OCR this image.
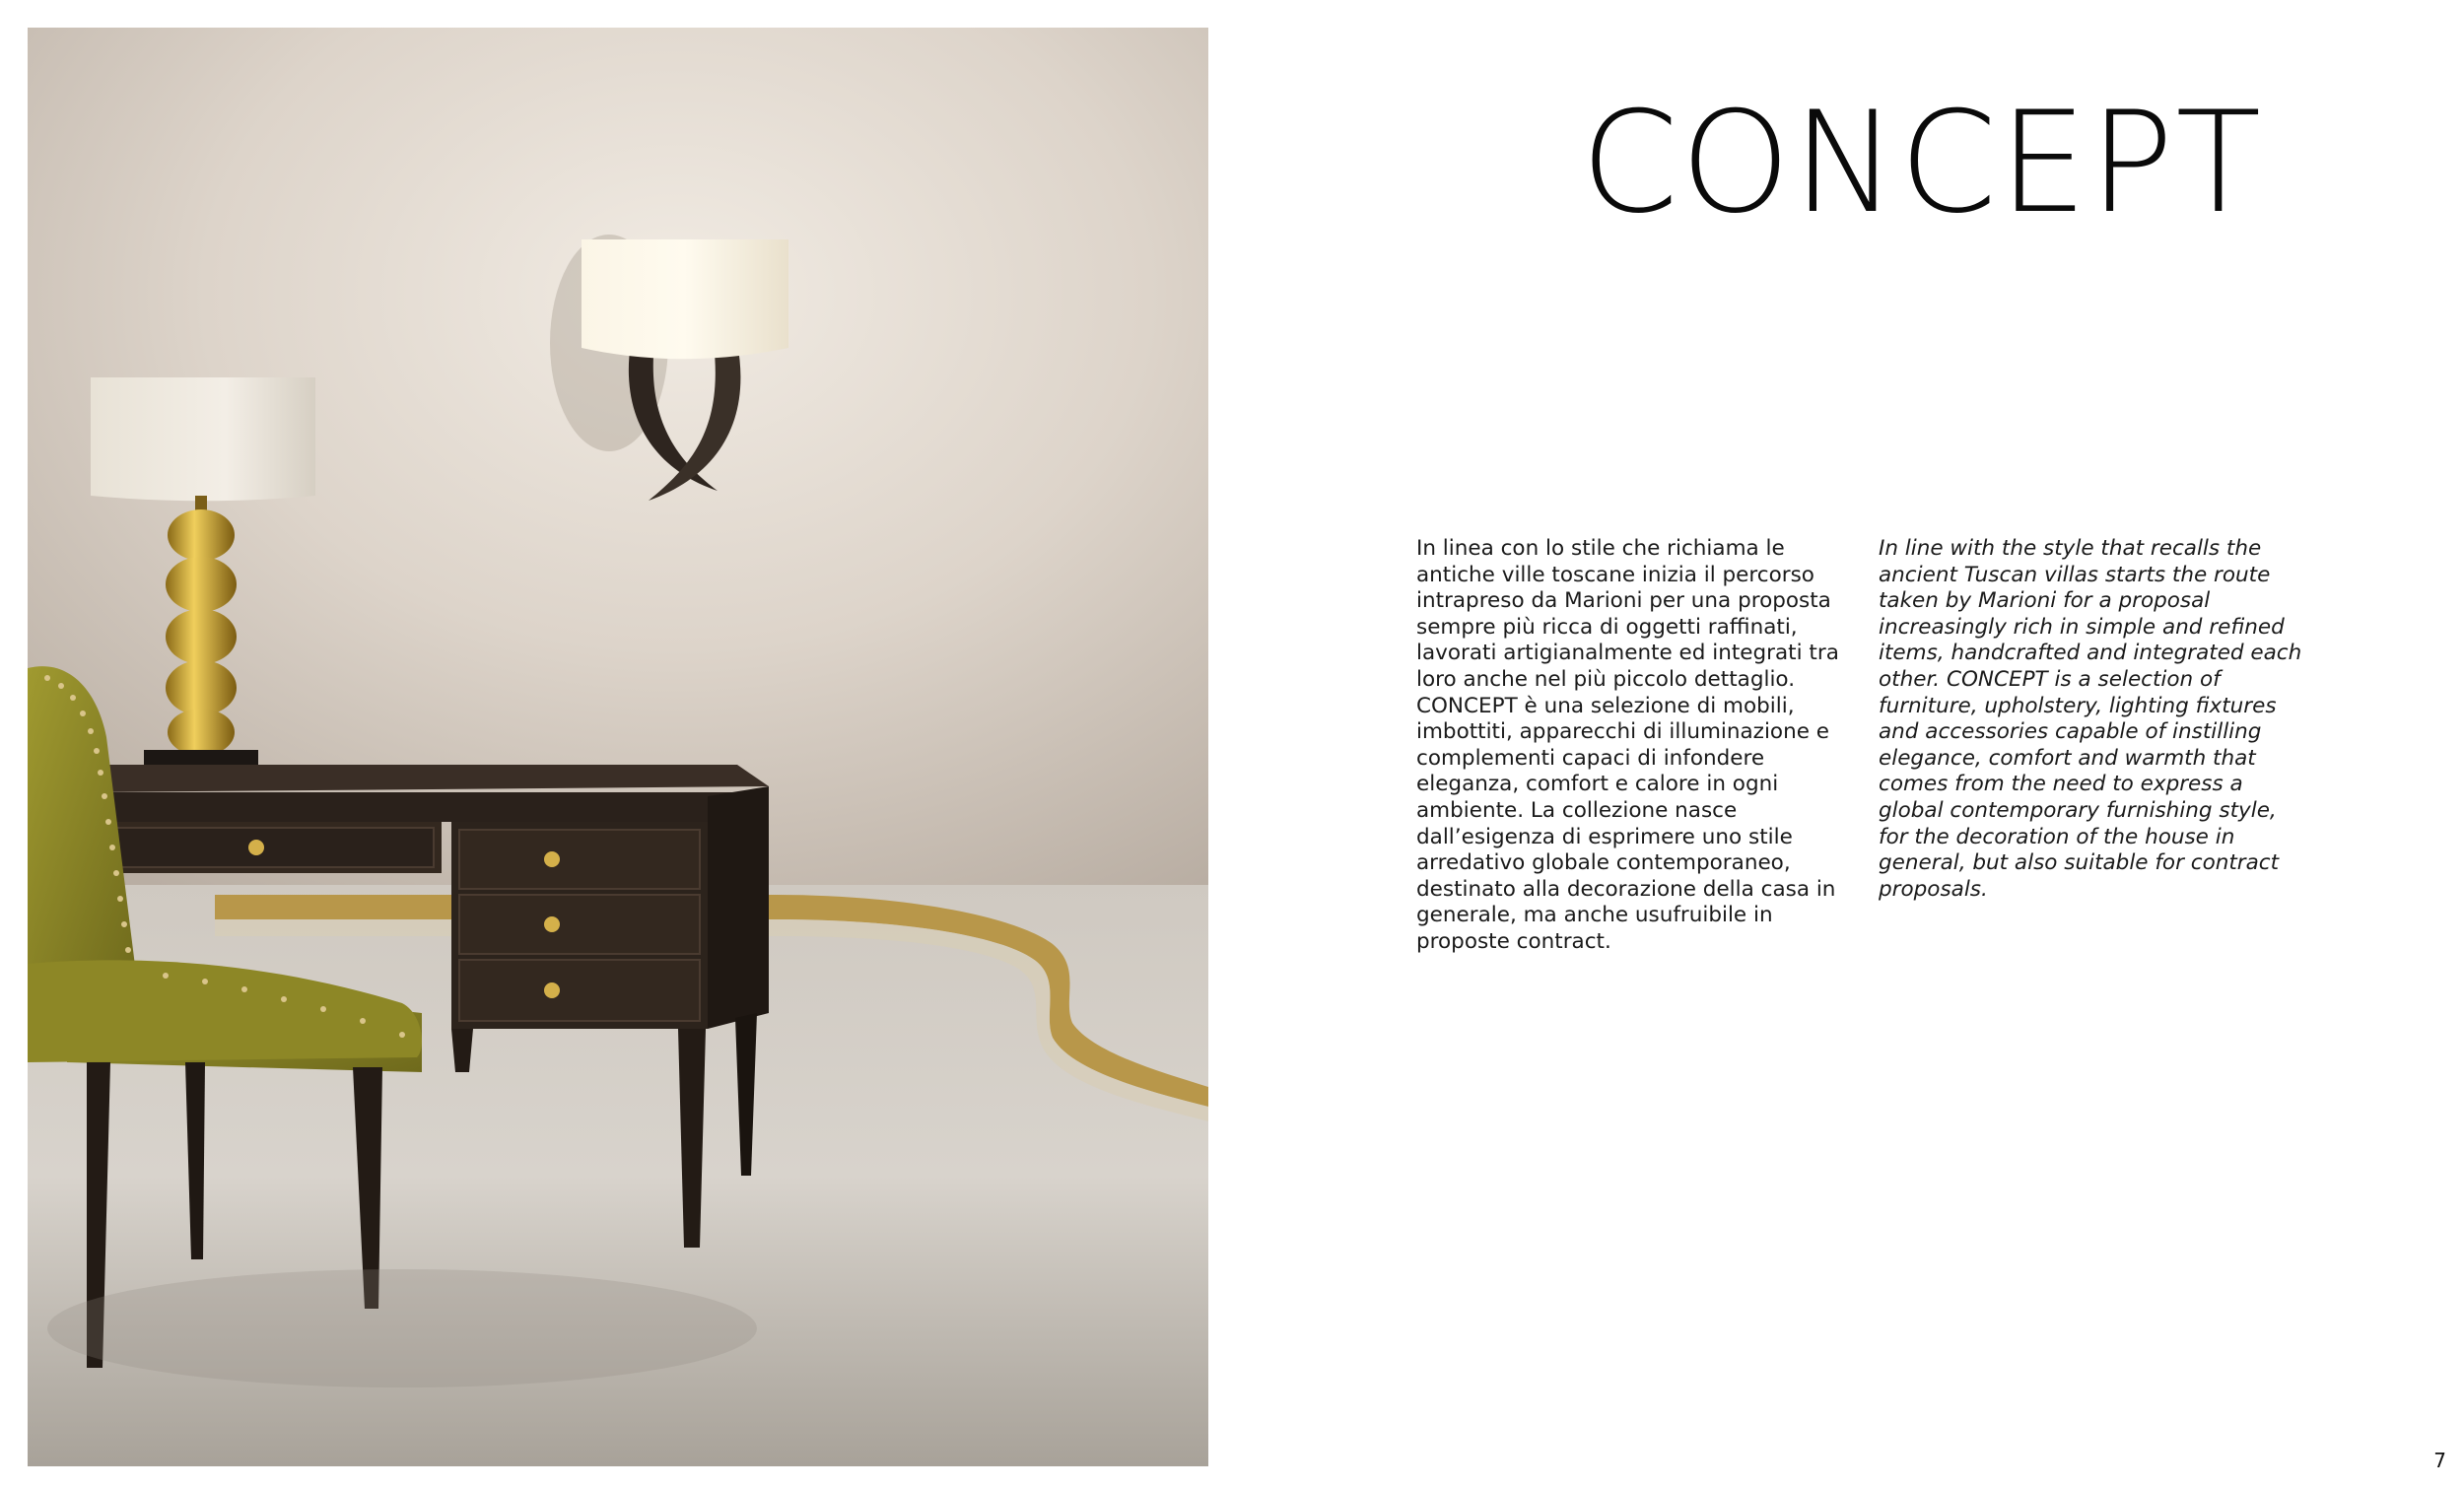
CONCEPT

In linea con lo stile che richiama le antiche ville toscane inizia il percorso intrapreso da Marioni per una proposta sempre più ricca di oggetti raffinati, lavorati artigianalmente ed integrati tra loro anche nel più piccolo dettaglio. CONCEPT è una selezione di mobili, imbottiti, apparecchi di illuminazione e complementi capaci di infondere eleganza, comfort e calore in ogni ambiente. La collezione nasce dall’esigenza di esprimere uno stile arredativo globale contemporaneo, destinato alla decorazione della casa in generale, ma anche usufruibile in proposte contract.

In line with the style that recalls the ancient Tuscan villas starts the route taken by Marioni for a proposal increasingly rich in simple and refined items, handcrafted and integrated each other. CONCEPT is a selection of furniture, upholstery, lighting fixtures and accessories capable of instilling elegance, comfort and warmth that comes from the need to express a global contemporary furnishing style, for the decoration of the house in general, but also suitable for contract proposals.

7
